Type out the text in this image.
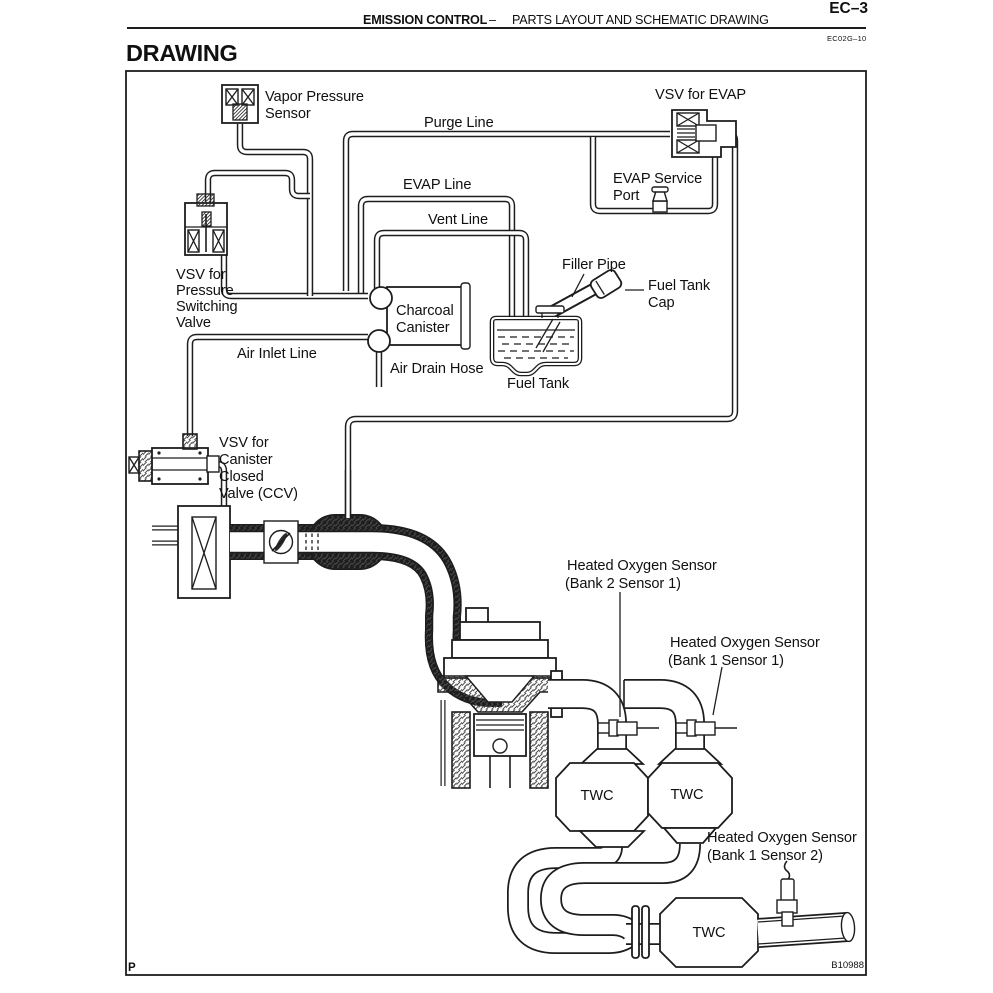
EC–3
EMISSION CONTROL – PARTS LAYOUT AND SCHEMATIC DRAWING
EC02G–10
DRAWING
Vapor Pressure
Sensor
Purge Line
VSV for EVAP
EVAP Line	EVAP Service
Port
Vent Line
Filler Pipe
Fuel Tank
Cap
VSV for
Pressure
Switching
Valve
Charcoal
Canister
Air Inlet Line
Air Drain Hose
Fuel Tank
VSV for
Canister
Closed
Valve (CCV)
Heated Oxygen Sensor
(Bank 2 Sensor 1)
Heated Oxygen Sensor
(Bank 1 Sensor 1)
Heated Oxygen Sensor
(Bank 1 Sensor 2)
TWC	TWC
TWC
B10988
P
